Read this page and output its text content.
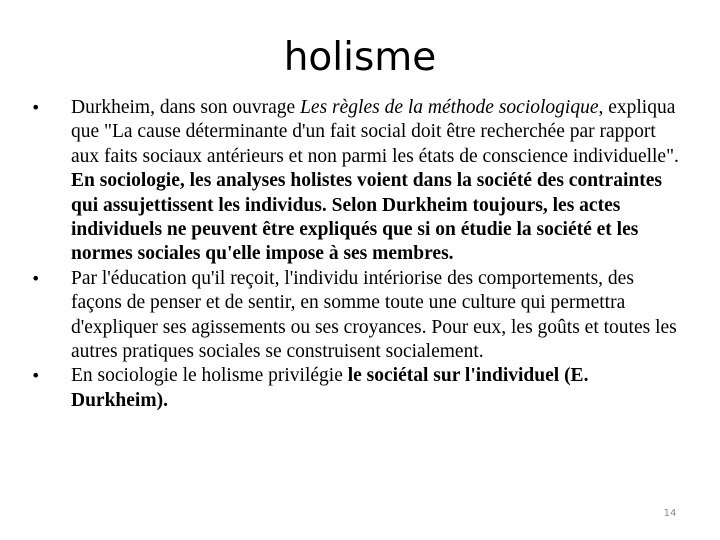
holisme
• Durkheim, dans son ouvrage Les règles de la méthode sociologique, expliqua que "La cause déterminante d'un fait social doit être recherchée par rapport aux faits sociaux antérieurs et non parmi les états de conscience individuelle". En sociologie, les analyses holistes voient dans la société des contraintes qui assujettissent les individus. Selon Durkheim toujours, les actes individuels ne peuvent être expliqués que si on étudie la société et les normes sociales qu'elle impose à ses membres.
• Par l'éducation qu'il reçoit, l'individu intériorise des comportements, des façons de penser et de sentir, en somme toute une culture qui permettra d'expliquer ses agissements ou ses croyances. Pour eux, les goûts et toutes les autres pratiques sociales se construisent socialement.
• En sociologie le holisme privilégie le sociétal sur l'individuel (E. Durkheim).
14
